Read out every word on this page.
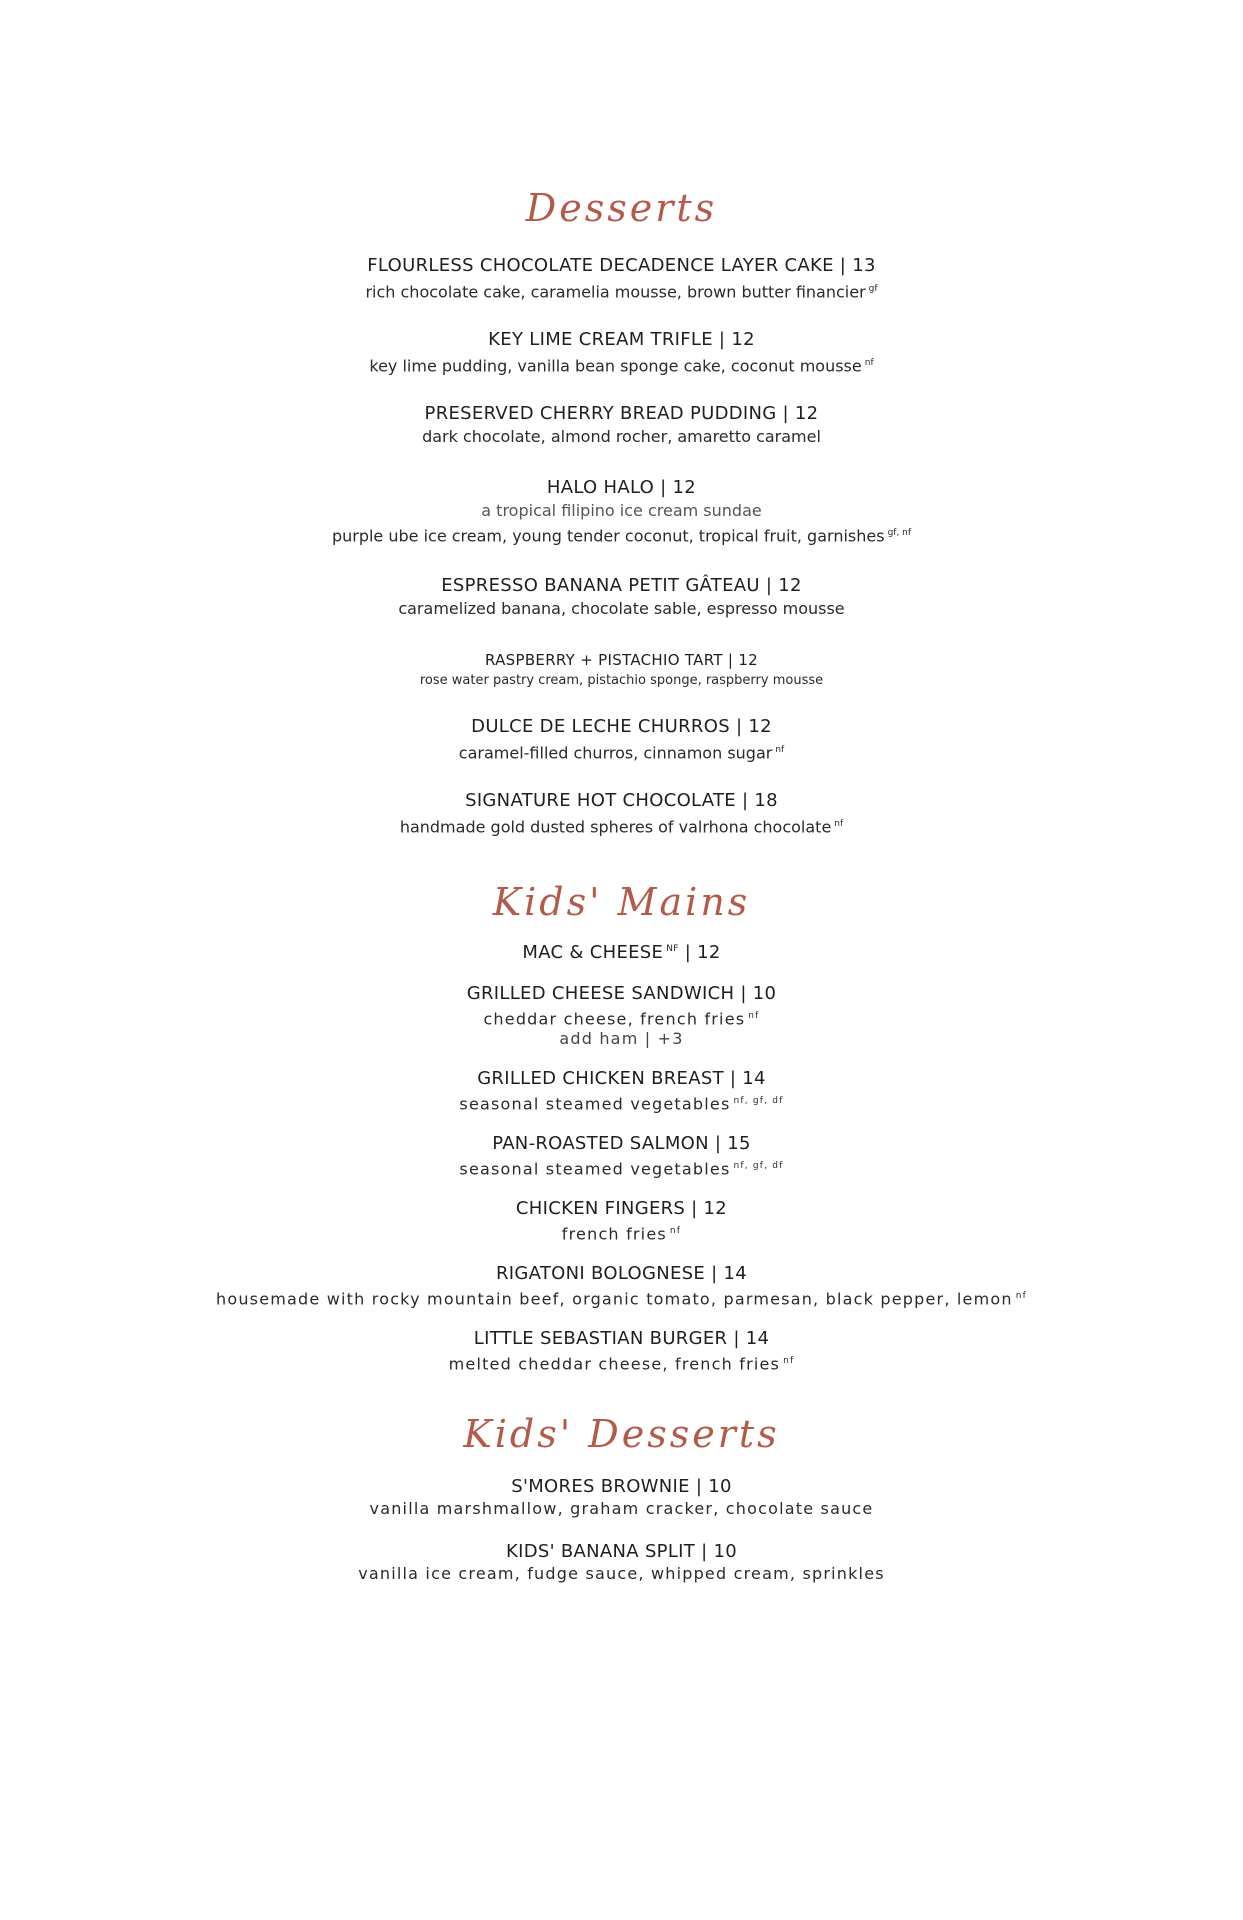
Desserts
FLOURLESS CHOCOLATE DECADENCE LAYER CAKE | 13
rich chocolate cake, caramelia mousse, brown butter financier $^{gf}$
KEY LIME CREAM TRIFLE | 12
key lime pudding, vanilla bean sponge cake, coconut mousse $^{nf}$
PRESERVED CHERRY BREAD PUDDING | 12
dark chocolate, almond rocher, amaretto caramel
HALO HALO | 12
a tropical filipino ice cream sundae
purple ube ice cream, young tender coconut, tropical fruit, garnishes $^{gf, nf}$
ESPRESSO BANANA PETIT GÂTEAU | 12
caramelized banana, chocolate sable, espresso mousse
RASPBERRY + PISTACHIO TART | 12
rose water pastry cream, pistachio sponge, raspberry mousse
DULCE DE LECHE CHURROS | 12
caramel-filled churros, cinnamon sugar $^{nf}$
SIGNATURE HOT CHOCOLATE | 18
handmade gold dusted spheres of valrhona chocolate $^{nf}$
Kids' Mains
MAC & CHEESE $^{NF}$ | 12
GRILLED CHEESE SANDWICH | 10
cheddar cheese, french fries $^{nf}$
add ham | +3
GRILLED CHICKEN BREAST | 14
seasonal steamed vegetables $^{nf, gf, df}$
PAN-ROASTED SALMON | 15
seasonal steamed vegetables $^{nf, gf, df}$
CHICKEN FINGERS | 12
french fries $^{nf}$
RIGATONI BOLOGNESE | 14
housemade with rocky mountain beef, organic tomato, parmesan, black pepper, lemon $^{nf}$
LITTLE SEBASTIAN BURGER | 14
melted cheddar cheese, french fries $^{nf}$
Kids' Desserts
S'MORES BROWNIE | 10
vanilla marshmallow, graham cracker, chocolate sauce
KIDS' BANANA SPLIT | 10
vanilla ice cream, fudge sauce, whipped cream, sprinkles
